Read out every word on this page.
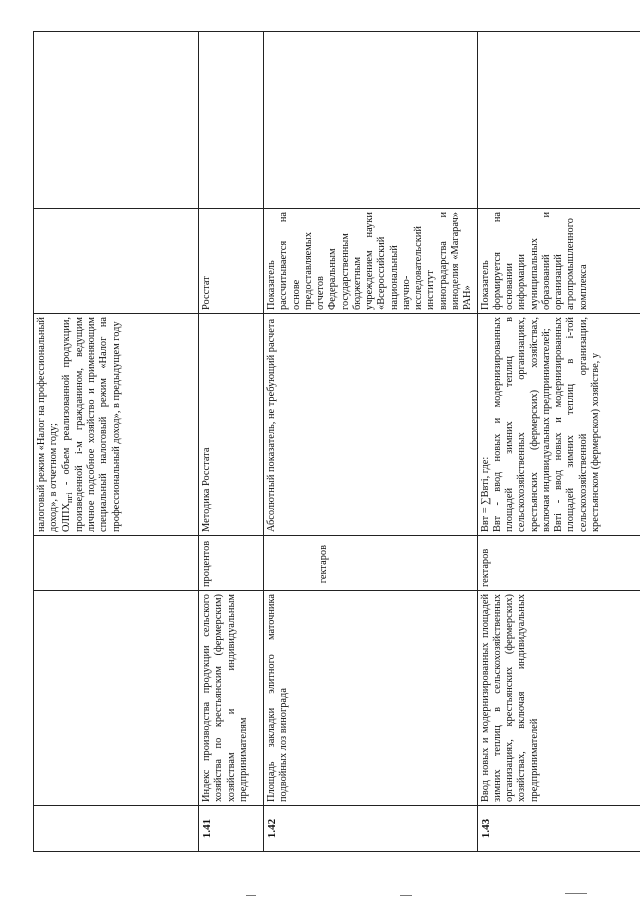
			налоговый режим «Налог на профессиональный доход», в отчетном году; $ОЛПХ_{пгi}$ - объем реализованной продукции, произведенной i-м гражданином, ведущим личное подсобное хозяйство и применяющим специальный налоговый режим «Налог на профессиональный доход», в предыдущем году		

1.41	Индекс производства продукции сельского хозяйства по крестьянским (фермерским) хозяйствам и индивидуальным предпринимателям	процентов	Методика Росстата	Росстат	
1.42	Площадь закладки элитного маточника подвойных лоз винограда	гектаров	Абсолютный показатель, не требующий расчета	Показатель рассчитывается на основе предоставляемых отчетов Федеральным государственным бюджетным учреждением науки «Всероссийский национальный научно-исследовательский институт виноградарства и виноделия «Магарач» РАН»	
1.43	Ввод новых и модернизированных площадей зимних теплиц в сельскохозяйственных организациях, крестьянских (фермерских) хозяйствах, включая индивидуальных предпринимателей	гектаров	Ввт = ∑Ввтi, где: Ввт - ввод новых и модернизированных площадей зимних теплиц в сельскохозяйственных организациях, крестьянских (фермерских) хозяйствах, включая индивидуальных предпринимателей; Ввтi - ввод новых и модернизированных площадей зимних теплиц в i-той сельскохозяйственной организации, крестьянском (фермерском) хозяйстве, у	Показатель формируется на основании информации муниципальных образований и организаций агропромышленного комплекса	
